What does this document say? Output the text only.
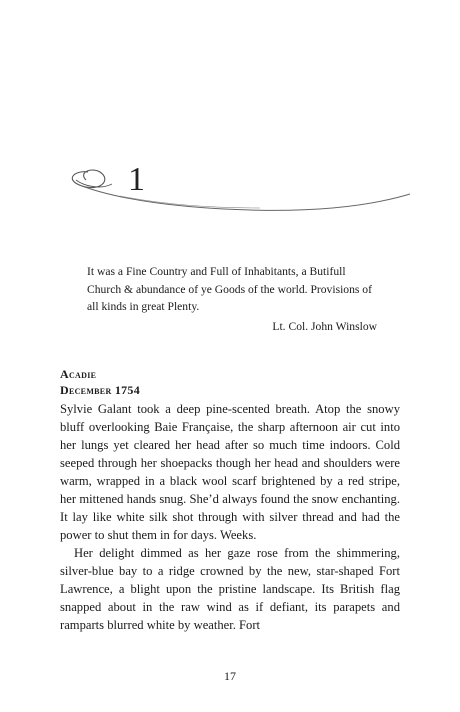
1

It was a Fine Country and Full of Inhabitants, a Butifull Church & abundance of ye Goods of the world. Provisions of all kinds in great Plenty.

Lt. Col. John Winslow

Acadie
December 1754

Sylvie Galant took a deep pine-scented breath. Atop the snowy bluff overlooking Baie Française, the sharp afternoon air cut into her lungs yet cleared her head after so much time indoors. Cold seeped through her shoepacks though her head and shoulders were warm, wrapped in a black wool scarf brightened by a red stripe, her mittened hands snug. She’d always found the snow enchanting. It lay like white silk shot through with silver thread and had the power to shut them in for days. Weeks.

Her delight dimmed as her gaze rose from the shimmering, silver-blue bay to a ridge crowned by the new, star-shaped Fort Lawrence, a blight upon the pristine landscape. Its British flag snapped about in the raw wind as if defiant, its parapets and ramparts blurred white by weather. Fort

17
